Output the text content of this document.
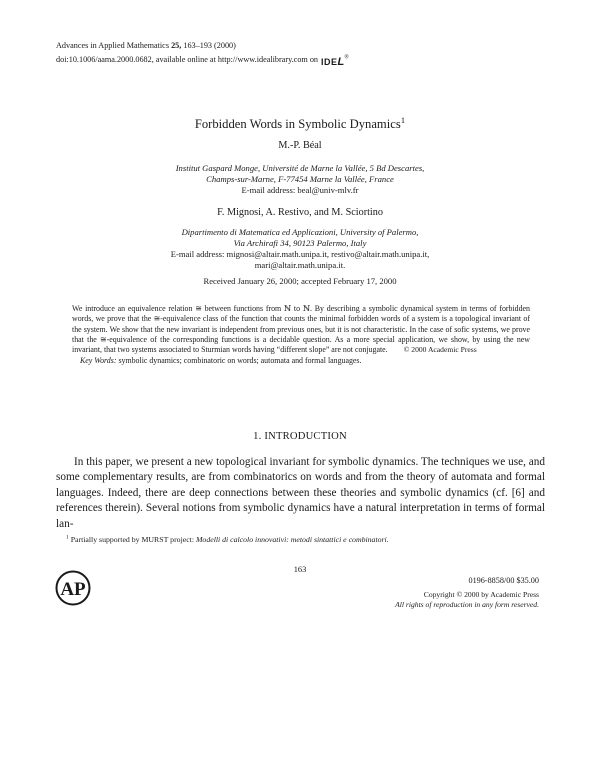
Advances in Applied Mathematics 25, 163–193 (2000)
doi:10.1006/aama.2000.0682, available online at http://www.idealibrary.com on IDEL®
Forbidden Words in Symbolic Dynamics$^1$
M.-P. Béal
Institut Gaspard Monge, Université de Marne la Vallée, 5 Bd Descartes,
Champs-sur-Marne, F-77454 Marne la Vallée, France
E-mail address: beal@univ-mlv.fr
F. Mignosi, A. Restivo, and M. Sciortino
Dipartimento di Matematica ed Applicazioni, University of Palermo,
Via Archirafi 34, 90123 Palermo, Italy
E-mail address: mignosi@altair.math.unipa.it, restivo@altair.math.unipa.it,
mari@altair.math.unipa.it.
Received January 26, 2000; accepted February 17, 2000

We introduce an equivalence relation ≅ between functions from ℕ to ℕ. By describing a symbolic dynamical system in terms of forbidden words, we prove that the ≅-equivalence class of the function that counts the minimal forbidden words of a system is a topological invariant of the system. We show that the new invariant is independent from previous ones, but it is not characteristic. In the case of sofic systems, we prove that the ≅-equivalence of the corresponding functions is a decidable question. As a more special application, we show, by using the new invariant, that two systems associated to Sturmian words having “different slope” are not conjugate. © 2000 Academic Press

Key Words: symbolic dynamics; combinatoric on words; automata and formal languages.

1. INTRODUCTION

In this paper, we present a new topological invariant for symbolic dynamics. The techniques we use, and some complementary results, are from combinatorics on words and from the theory of automata and formal languages. Indeed, there are deep connections between these theories and symbolic dynamics (cf. [6] and references therein). Several notions from symbolic dynamics have a natural interpretation in terms of formal lan-

$^1$ Partially supported by MURST project: Modelli di calcolo innovativi: metodi sintattici e combinatori.

163
AP	0196-8858/00 $35.00
Copyright © 2000 by Academic Press
All rights of reproduction in any form reserved.
